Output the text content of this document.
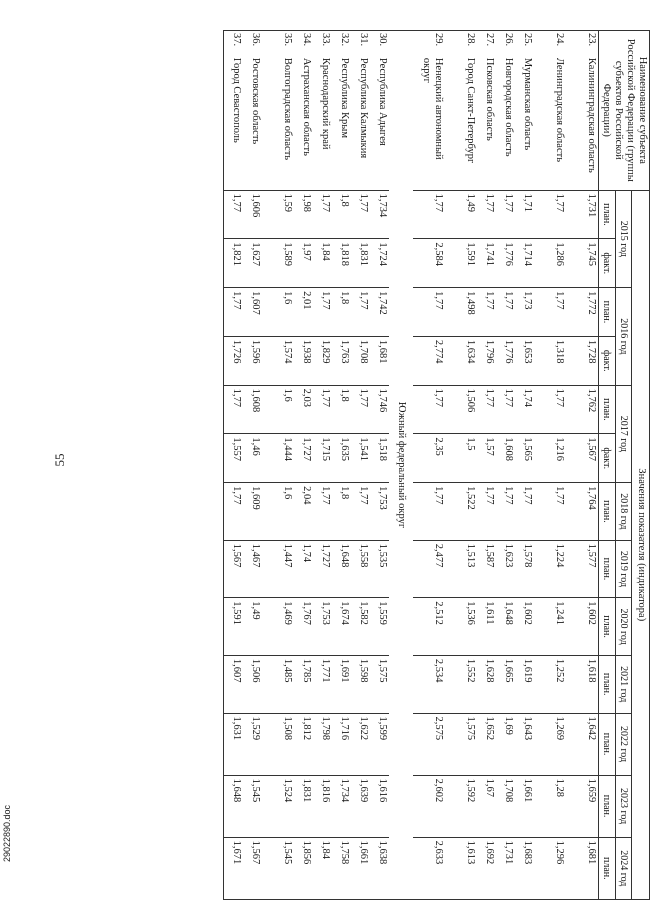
55
Наименование субъекта Российской Федерации (группы субъектов Российской Федерации)		Значения показателя (индикатора)												
		2015 год		2016 год		2017 год		2018 год	2019 год	2020 год	2021 год	2022 год	2023 год	2024 год
		план.	факт.	план.	факт.	план.	факт.	план.	план.	план.	план.	план.	план.	план.
23.	Калининградская область	1,731	1,745	1,772	1,728	1,762	1,567	1,764	1,577	1,602	1,618	1,642	1,659	1,681
24.	Ленинградская область	1,77	1,286	1,77	1,318	1,77	1,216	1,77	1,224	1,241	1,252	1,269	1,28	1,296
25.	Мурманская область	1,71	1,714	1,73	1,653	1,74	1,565	1,77	1,578	1,602	1,619	1,643	1,661	1,683
26.	Новгородская область	1,77	1,776	1,77	1,776	1,77	1,608	1,77	1,623	1,648	1,665	1,69	1,708	1,731
27.	Псковская область	1,77	1,741	1,77	1,796	1,77	1,57	1,77	1,587	1,611	1,628	1,652	1,67	1,692
28.	Город Санкт-Петербург	1,49	1,591	1,498	1,634	1,506	1,5	1,522	1,513	1,536	1,552	1,575	1,592	1,613
29.	Ненецкий автономный округ	1,77	2,584	1,77	2,774	1,77	2,35	1,77	2,477	2,512	2,534	2,575	2,602	2,633
Южный федеральный округ														
30.	Республика Адыгея	1,734	1,724	1,742	1,681	1,746	1,518	1,753	1,535	1,559	1,575	1,599	1,616	1,638
31.	Республика Калмыкия	1,77	1,831	1,77	1,708	1,77	1,541	1,77	1,558	1,582	1,598	1,622	1,639	1,661
32.	Республика Крым	1,8	1,818	1,8	1,763	1,8	1,635	1,8	1,648	1,674	1,691	1,716	1,734	1,758
33.	Краснодарский край	1,77	1,84	1,77	1,829	1,77	1,715	1,77	1,727	1,753	1,771	1,798	1,816	1,84
34.	Астраханская область	1,98	1,97	2,01	1,938	2,03	1,727	2,04	1,74	1,767	1,785	1,812	1,831	1,856
35.	Волгоградская область	1,59	1,589	1,6	1,574	1,6	1,444	1,6	1,447	1,469	1,485	1,508	1,524	1,545
36.	Ростовская область	1,606	1,627	1,607	1,596	1,608	1,46	1,609	1,467	1,49	1,506	1,529	1,545	1,567
37.	Город Севастополь	1,77	1,821	1,77	1,726	1,77	1,557	1,77	1,567	1,591	1,607	1,631	1,648	1,671
29022890.doc
